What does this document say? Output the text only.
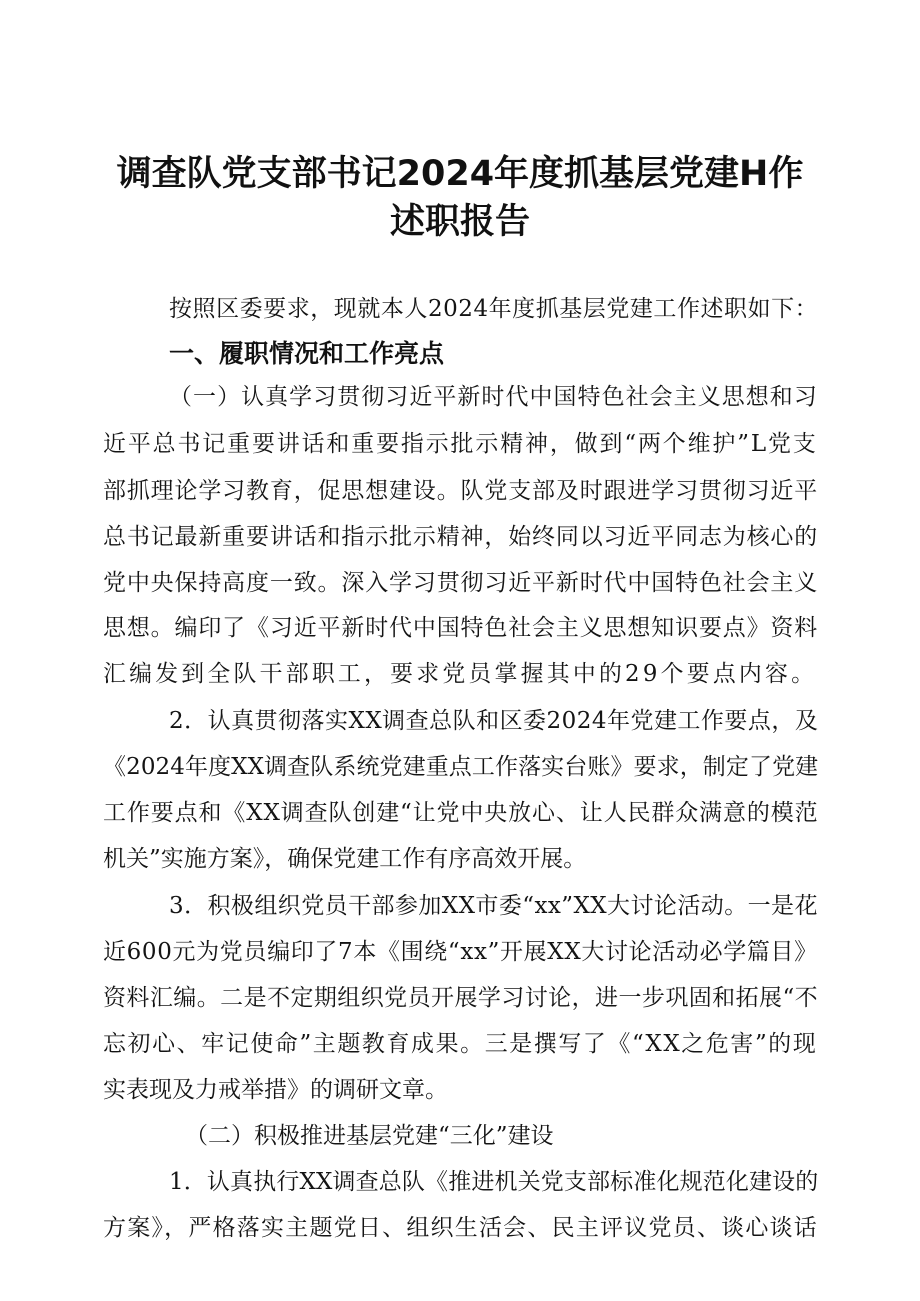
调查队党支部书记2024年度抓基层党建H作
述职报告
按照区委要求，现就本人2024年度抓基层党建工作述职如下：
一、履职情况和工作亮点
（一）认真学习贯彻习近平新时代中国特色社会主义思想和习
近平总书记重要讲话和重要指示批示精神，做到“两个维护”L党支
部抓理论学习教育，促思想建设。队党支部及时跟进学习贯彻习近平
总书记最新重要讲话和指示批示精神，始终同以习近平同志为核心的
党中央保持高度一致。深入学习贯彻习近平新时代中国特色社会主义
思想。编印了《习近平新时代中国特色社会主义思想知识要点》资料
汇编发到全队干部职工，要求党员掌握其中的29个要点内容。
2．认真贯彻落实XX调查总队和区委2024年党建工作要点，及
《2024年度XX调查队系统党建重点工作落实台账》要求，制定了党建
工作要点和《XX调查队创建“让党中央放心、让人民群众满意的模范
机关”实施方案》，确保党建工作有序高效开展。
3．积极组织党员干部参加XX市委“xx”XX大讨论活动。一是花
近600元为党员编印了7本《围绕“xx”开展XX大讨论活动必学篇目》
资料汇编。二是不定期组织党员开展学习讨论，进一步巩固和拓展“不
忘初心、牢记使命”主题教育成果。三是撰写了《“XX之危害”的现
实表现及力戒举措》的调研文章。
（二）积极推进基层党建“三化”建设
1．认真执行XX调查总队《推进机关党支部标准化规范化建设的
方案》，严格落实主题党日、组织生活会、民主评议党员、谈心谈话
